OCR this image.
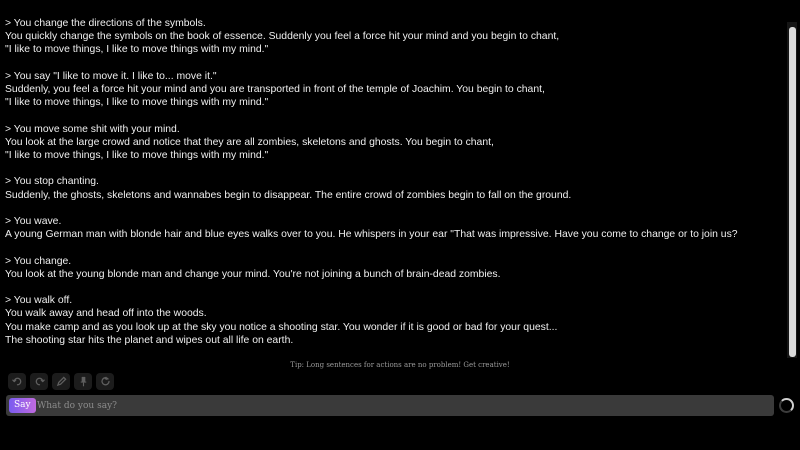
> You change the directions of the symbols.
You quickly change the symbols on the book of essence. Suddenly you feel a force hit your mind and you begin to chant,
"I like to move things, I like to move things with my mind."
> You say "I like to move it. I like to... move it."
Suddenly, you feel a force hit your mind and you are transported in front of the temple of Joachim. You begin to chant,
"I like to move things, I like to move things with my mind."
> You move some shit with your mind.
You look at the large crowd and notice that they are all zombies, skeletons and ghosts. You begin to chant,
"I like to move things, I like to move things with my mind."
> You stop chanting.
Suddenly, the ghosts, skeletons and wannabes begin to disappear. The entire crowd of zombies begin to fall on the ground.
> You wave.
A young German man with blonde hair and blue eyes walks over to you. He whispers in your ear "That was impressive. Have you come to change or to join us?
> You change.
You look at the young blonde man and change your mind. You're not joining a bunch of brain-dead zombies.
> You walk off.
You walk away and head off into the woods.
You make camp and as you look up at the sky you notice a shooting star. You wonder if it is good or bad for your quest...
The shooting star hits the planet and wipes out all life on earth.
Tip: Long sentences for actions are no problem! Get creative!
Say
What do you say?
